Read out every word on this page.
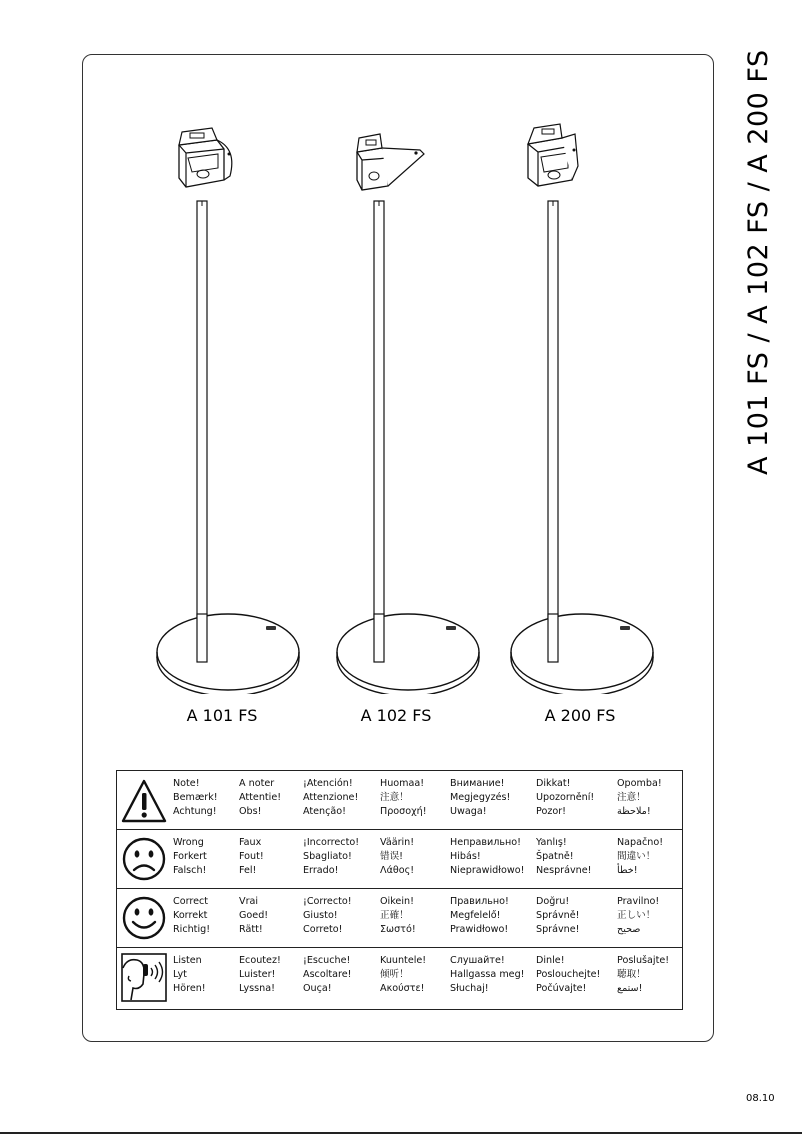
A 101 FS / A 102 FS / A 200 FS
A 101 FS	A 102 FS	A 200 FS
Note!
Bemærk!
Achtung!
A noter
Attentie!
Obs!
¡Atención!
Attenzione!
Atenção!
Huomaa!
注意！
Προσοχή!
Внимание!
Megjegyzés!
Uwaga!
Dikkat!
Upozornění!
Pozor!
Opomba!
注意！
ملاحظة!
Wrong
Forkert
Falsch!
Faux
Fout!
Fel!
¡Incorrecto!
Sbagliato!
Errado!
Väärin!
错误!
Λάθος!
Неправильно!
Hibás!
Nieprawidłowo!
Yanlış!
Špatně!
Nesprávne!
Napačno!
間違い！
خطأ!
Correct
Korrekt
Richtig!
Vrai
Goed!
Rätt!
¡Correcto!
Giusto!
Correto!
Oikein!
正確！
Σωστό!
Правильно!
Megfelelő!
Prawidłowo!
Doğru!
Správně!
Správne!
Pravilno!
正しい！
صحيح
Listen
Lyt
Hören!
Ecoutez!
Luister!
Lyssna!
¡Escuche!
Ascoltare!
Ouça!
Kuuntele!
倾听！
Ακούστε!
Слушайте!
Hallgassa meg!
Słuchaj!
Dinle!
Poslouchejte!
Počúvajte!
Poslušajte!
聴取！
ستمع!
08.10
